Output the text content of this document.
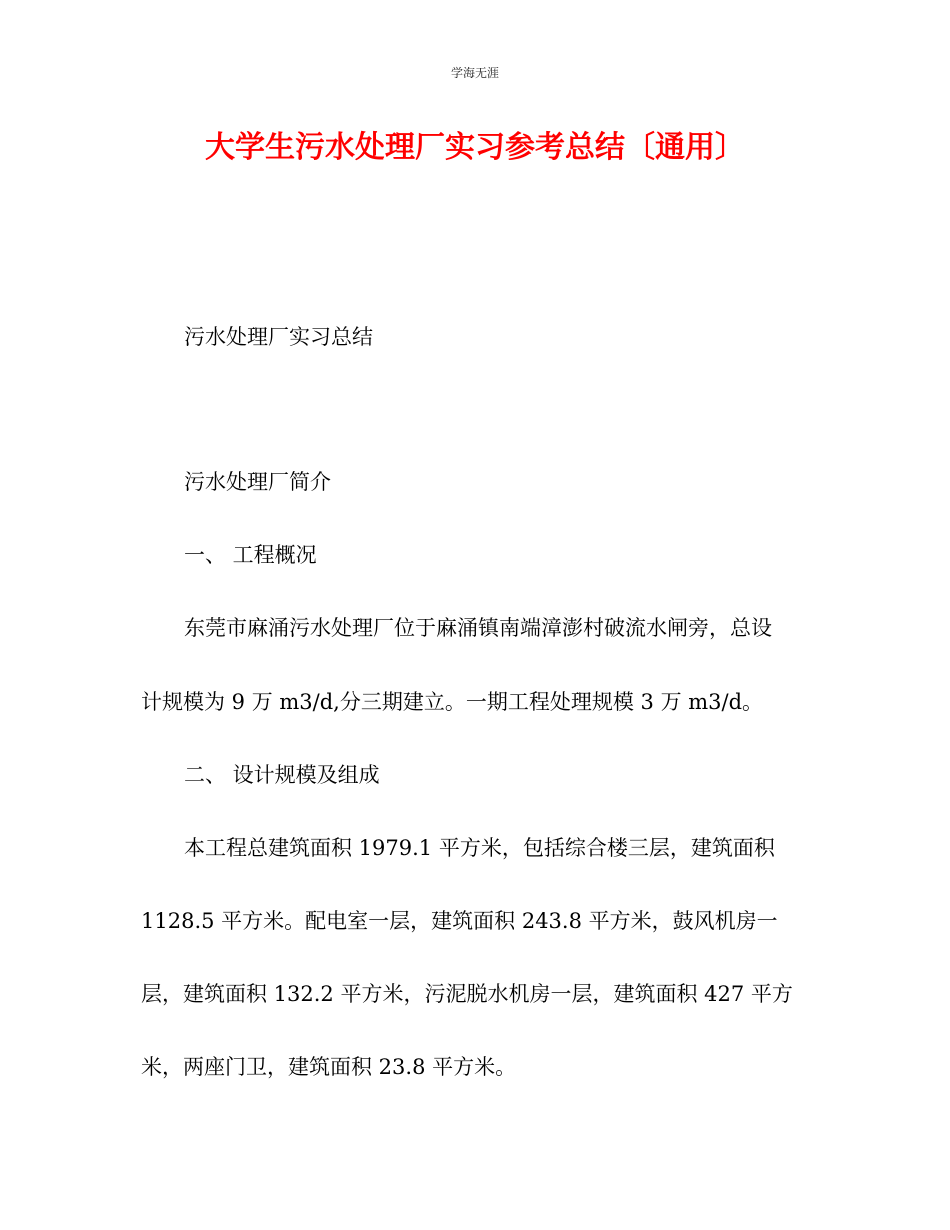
学海无涯
大学生污水处理厂实习参考总结〔通用〕
污水处理厂实习总结
污水处理厂简介
一、 工程概况
东莞市麻涌污水处理厂位于麻涌镇南端漳澎村破流水闸旁，总设
计规模为 9 万 m3/d,分三期建立。一期工程处理规模 3 万 m3/d。
二、 设计规模及组成
本工程总建筑面积 1979.1 平方米，包括综合楼三层，建筑面积
1128.5 平方米。配电室一层，建筑面积 243.8 平方米，鼓风机房一
层，建筑面积 132.2 平方米，污泥脱水机房一层，建筑面积 427 平方
米，两座门卫，建筑面积 23.8 平方米。
